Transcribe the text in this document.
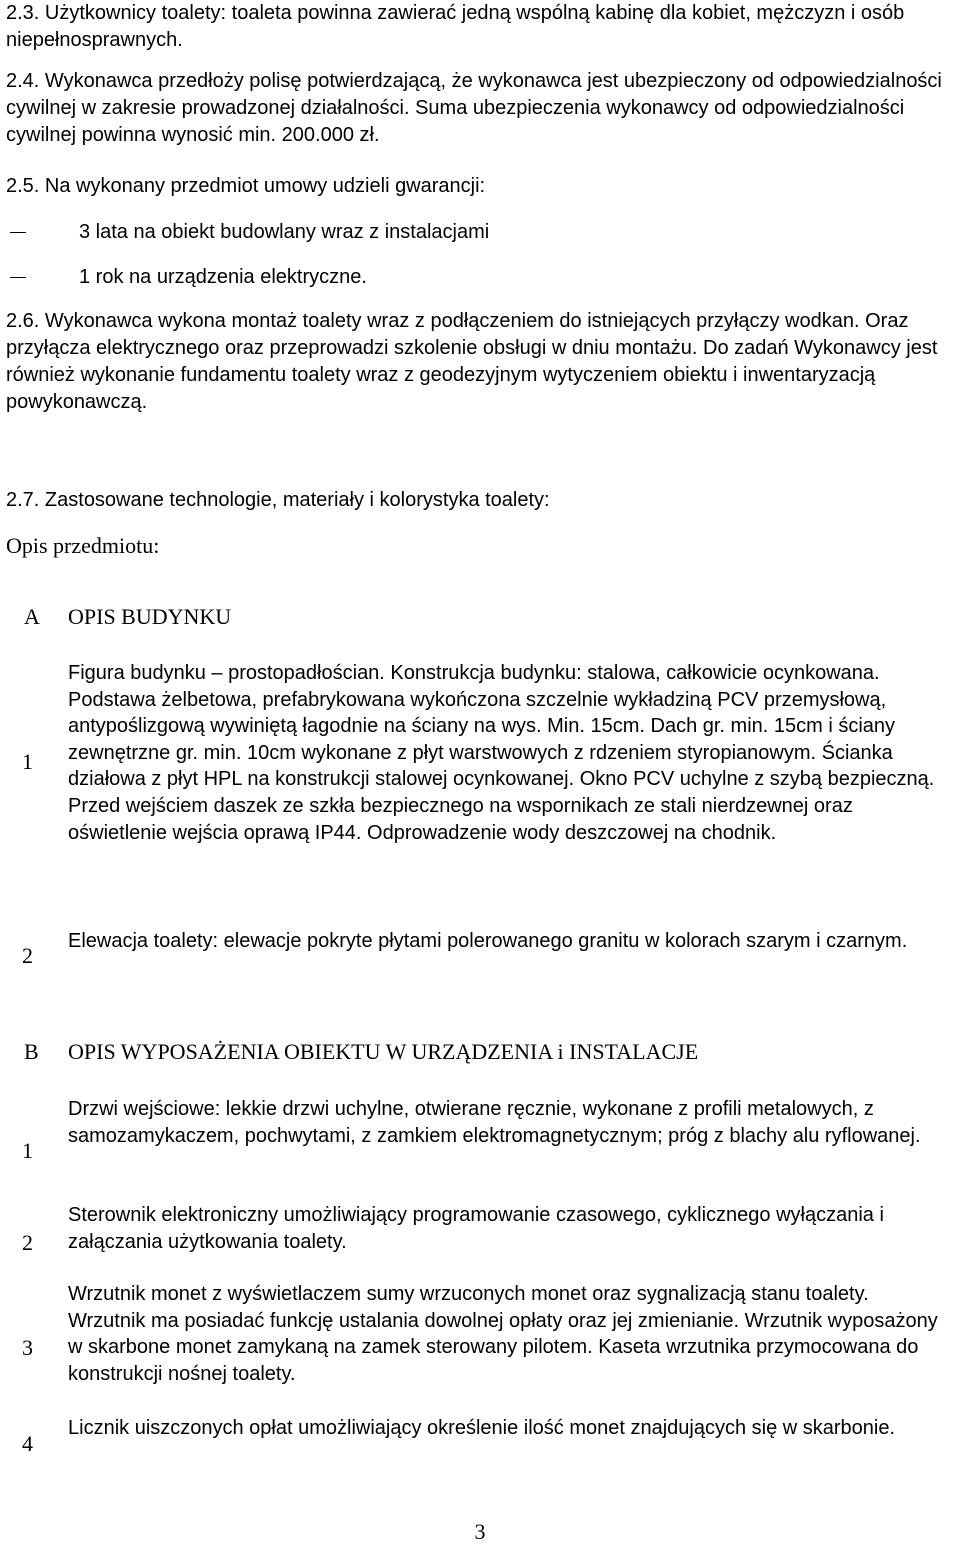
2.3. Użytkownicy toalety: toaleta powinna zawierać jedną wspólną kabinę dla kobiet, mężczyzn i osób niepełnosprawnych.

2.4. Wykonawca przedłoży polisę potwierdzającą, że wykonawca jest ubezpieczony od odpowiedzialności cywilnej w zakresie prowadzonej działalności. Suma ubezpieczenia wykonawcy od odpowiedzialności cywilnej powinna wynosić min. 200.000 zł.

2.5. Na wykonany przedmiot umowy udzieli gwarancji:

3 lata na obiekt budowlany wraz z instalacjami
1 rok na urządzenia elektryczne.

2.6. Wykonawca wykona montaż toalety wraz z podłączeniem do istniejących przyłączy wodkan. Oraz przyłącza elektrycznego oraz przeprowadzi szkolenie obsługi w dniu montażu. Do zadań Wykonawcy jest również wykonanie fundamentu toalety wraz z geodezyjnym wytyczeniem obiektu i inwentaryzacją powykonawczą.

2.7. Zastosowane technologie, materiały i kolorystyka toalety:

Opis przedmiotu:
A OPIS BUDYNKU
1

Figura budynku – prostopadłościan. Konstrukcja budynku: stalowa, całkowicie ocynkowana. Podstawa żelbetowa, prefabrykowana wykończona szczelnie wykładziną PCV przemysłową, antypoślizgową wywiniętą łagodnie na ściany na wys. Min. 15cm. Dach gr. min. 15cm i ściany zewnętrzne gr. min. 10cm wykonane z płyt warstwowych z rdzeniem styropianowym. Ścianka działowa z płyt HPL na konstrukcji stalowej ocynkowanej. Okno PCV uchylne z szybą bezpieczną. Przed wejściem daszek ze szkła bezpiecznego na wspornikach ze stali nierdzewnej oraz oświetlenie wejścia oprawą IP44. Odprowadzenie wody deszczowej na chodnik.

2

Elewacja toalety: elewacje pokryte płytami polerowanego granitu w kolorach szarym i czarnym.

B OPIS WYPOSAŻENIA OBIEKTU W URZĄDZENIA i INSTALACJE
1

Drzwi wejściowe: lekkie drzwi uchylne, otwierane ręcznie, wykonane z profili metalowych, z samozamykaczem, pochwytami, z zamkiem elektromagnetycznym; próg z blachy alu ryflowanej.

2

Sterownik elektroniczny umożliwiający programowanie czasowego, cyklicznego wyłączania i załączania użytkowania toalety.

3

Wrzutnik monet z wyświetlaczem sumy wrzuconych monet oraz sygnalizacją stanu toalety. Wrzutnik ma posiadać funkcję ustalania dowolnej opłaty oraz jej zmienianie. Wrzutnik wyposażony w skarbone monet zamykaną na zamek sterowany pilotem. Kaseta wrzutnika przymocowana do konstrukcji nośnej toalety.

4

Licznik uiszczonych opłat umożliwiający określenie ilość monet znajdujących się w skarbonie.

3
